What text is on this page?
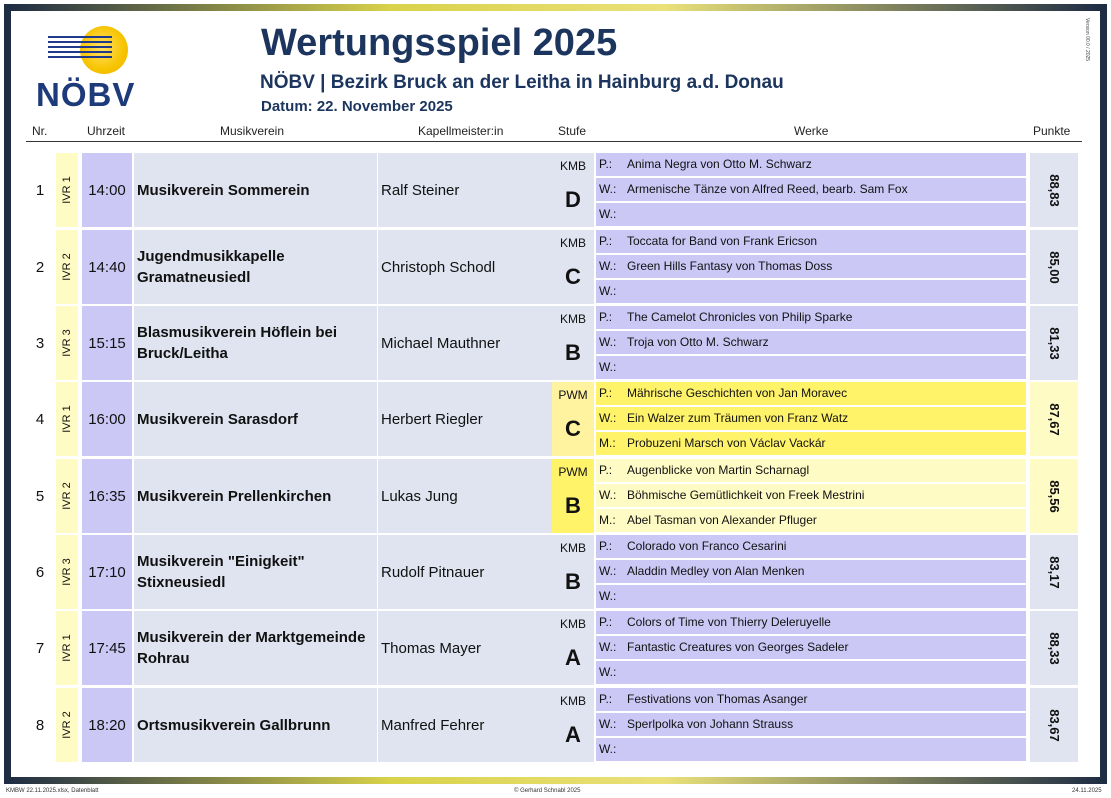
NÖBV
Wertungsspiel 2025
NÖBV | Bezirk Bruck an der Leitha in Hainburg a.d. Donau
Datum: 22. November 2025
Version 00.0 / 2025
Nr.	Uhrzeit	Musikverein	Kapellmeister:in	Stufe	Werke	Punkte
1	IVR 1	14:00 Musikverein Sommerein	Ralf Steiner
KMB
D
P.: Anima Negra von Otto M. Schwarz
W.: Armenische Tänze von Alfred Reed, bearb. Sam Fox
W.:
88,83
2	IVR 2	14:40
Jugendmusikkapelle Gramatneusiedl
Christoph Schodl
KMB
C
P.: Toccata for Band von Frank Ericson
W.: Green Hills Fantasy von Thomas Doss
W.:
85,00
3	IVR 3	15:15
Blasmusikverein Höflein bei Bruck/Leitha
Michael Mauthner
KMB
B
P.: The Camelot Chronicles von Philip Sparke
W.: Troja von Otto M. Schwarz
W.:
81,33
4	IVR 1	16:00 Musikverein Sarasdorf	Herbert Riegler
PWM
C
P.: Mährische Geschichten von Jan Moravec
W.: Ein Walzer zum Träumen von Franz Watz
M.: Probuzeni Marsch von Václav Vackár
87,67
5	IVR 2	16:35 Musikverein Prellenkirchen	Lukas Jung
PWM
B
P.: Augenblicke von Martin Scharnagl
W.: Böhmische Gemütlichkeit von Freek Mestrini
M.: Abel Tasman von Alexander Pfluger
85,56
6	IVR 3	17:10
Musikverein "Einigkeit" Stixneusiedl
Rudolf Pitnauer
KMB
B
P.: Colorado von Franco Cesarini
W.: Aladdin Medley von Alan Menken
W.:
83,17
7	IVR 1	17:45
Musikverein der Marktgemeinde Rohrau
Thomas Mayer
KMB
A
P.: Colors of Time von Thierry Deleruyelle
W.: Fantastic Creatures von Georges Sadeler
W.:
88,33
8	IVR 2	18:20 Ortsmusikverein Gallbrunn	Manfred Fehrer
KMB
A
P.: Festivations von Thomas Asanger
W.: Sperlpolka von Johann Strauss
W.:
83,67
KMBW 22.11.2025.xlsx, Datenblatt	© Gerhard Schnabl 2025	24.11.2025
